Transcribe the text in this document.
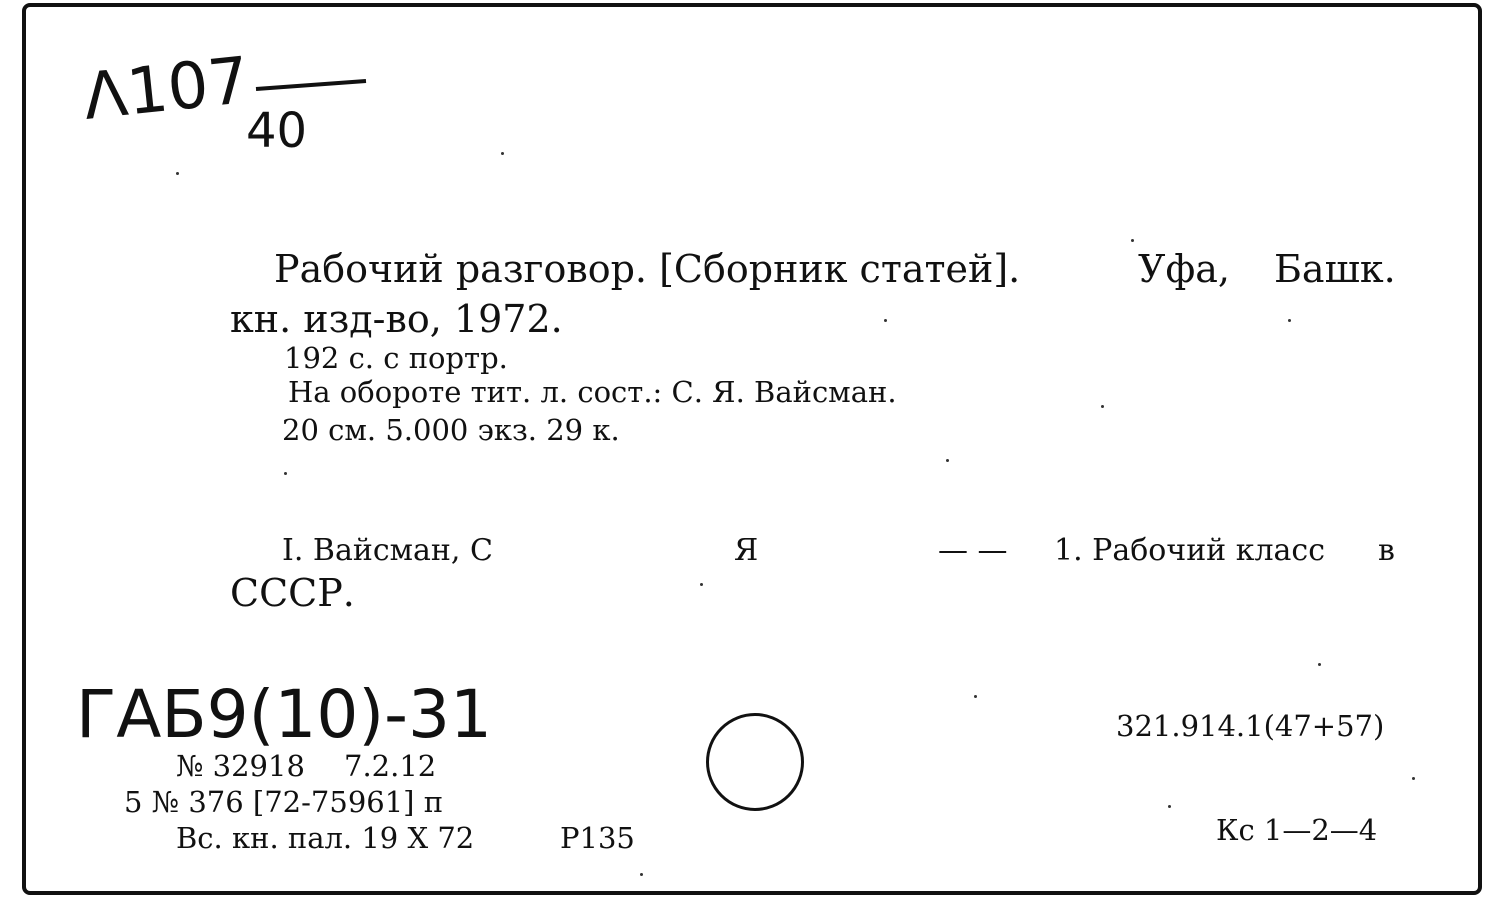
Λ107
40
Рабочий разговор. [Сборник статей].	Уфа, Башк.
кн. изд-во, 1972.
192 с. с портр.
На обороте тит. л. сост.: С. Я. Вайсман.
20 см. 5.000 экз. 29 к.
I. Вайсман, С	Я	— — 1. Рабочий класс в
СССР.
ГАБ9(10)-31
№ 32918 7.2.12
5 № 376 [72-75961] п
Вс. кн. пал. 19 X 72	P135
321.914.1(47+57)
Кс 1—2—4
